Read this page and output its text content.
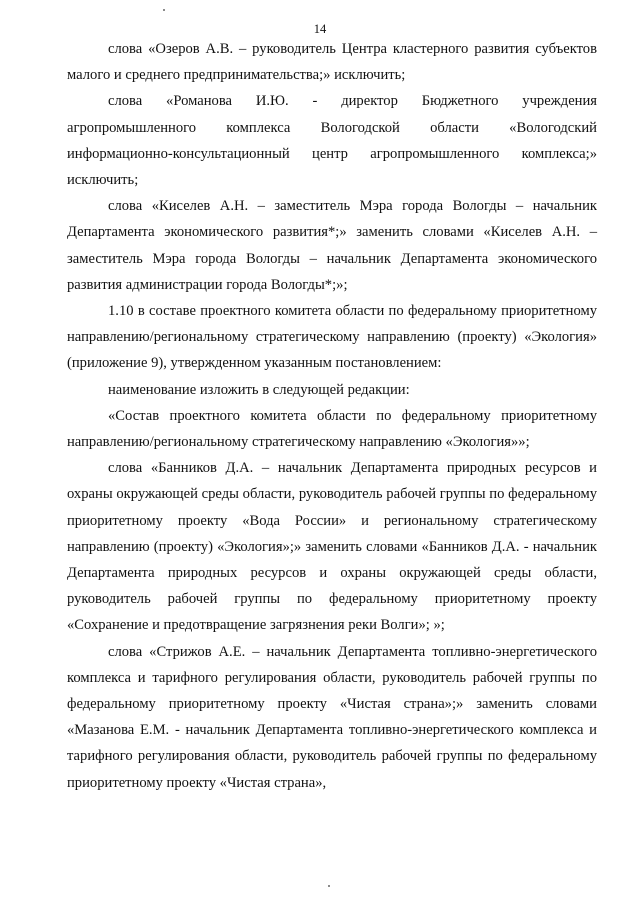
14

слова «Озеров А.В. – руководитель Центра кластерного развития субъектов малого и среднего предпринимательства;» исключить;

слова «Романова И.Ю. - директор Бюджетного учреждения агропромышленного комплекса Вологодской области «Вологодский информационно-консультационный центр агропромышленного комплекса;» исключить;

слова «Киселев А.Н. – заместитель Мэра города Вологды – начальник Департамента экономического развития*;» заменить словами «Киселев А.Н. – заместитель Мэра города Вологды – начальник Департамента экономического развития администрации города Вологды*;»;

1.10 в составе проектного комитета области по федеральному приоритетному направлению/региональному стратегическому направлению (проекту) «Экология» (приложение 9), утвержденном указанным постановлением:

наименование изложить в следующей редакции:

«Состав проектного комитета области по федеральному приоритетному направлению/региональному стратегическому направлению «Экология»»;

слова «Банников Д.А. – начальник Департамента природных ресурсов и охраны окружающей среды области, руководитель рабочей группы по федеральному приоритетному проекту «Вода России» и региональному стратегическому направлению (проекту) «Экология»;» заменить словами «Банников Д.А. - начальник Департамента природных ресурсов и охраны окружающей среды области, руководитель рабочей группы по федеральному приоритетному проекту «Сохранение и предотвращение загрязнения реки Волги»; »;

слова «Стрижов А.Е. – начальник Департамента топливно-энергетического комплекса и тарифного регулирования области, руководитель рабочей группы по федеральному приоритетному проекту «Чистая страна»;» заменить словами «Мазанова Е.М. - начальник Департамента топливно-энергетического комплекса и тарифного регулирования области, руководитель рабочей группы по федеральному приоритетному проекту «Чистая страна»,
